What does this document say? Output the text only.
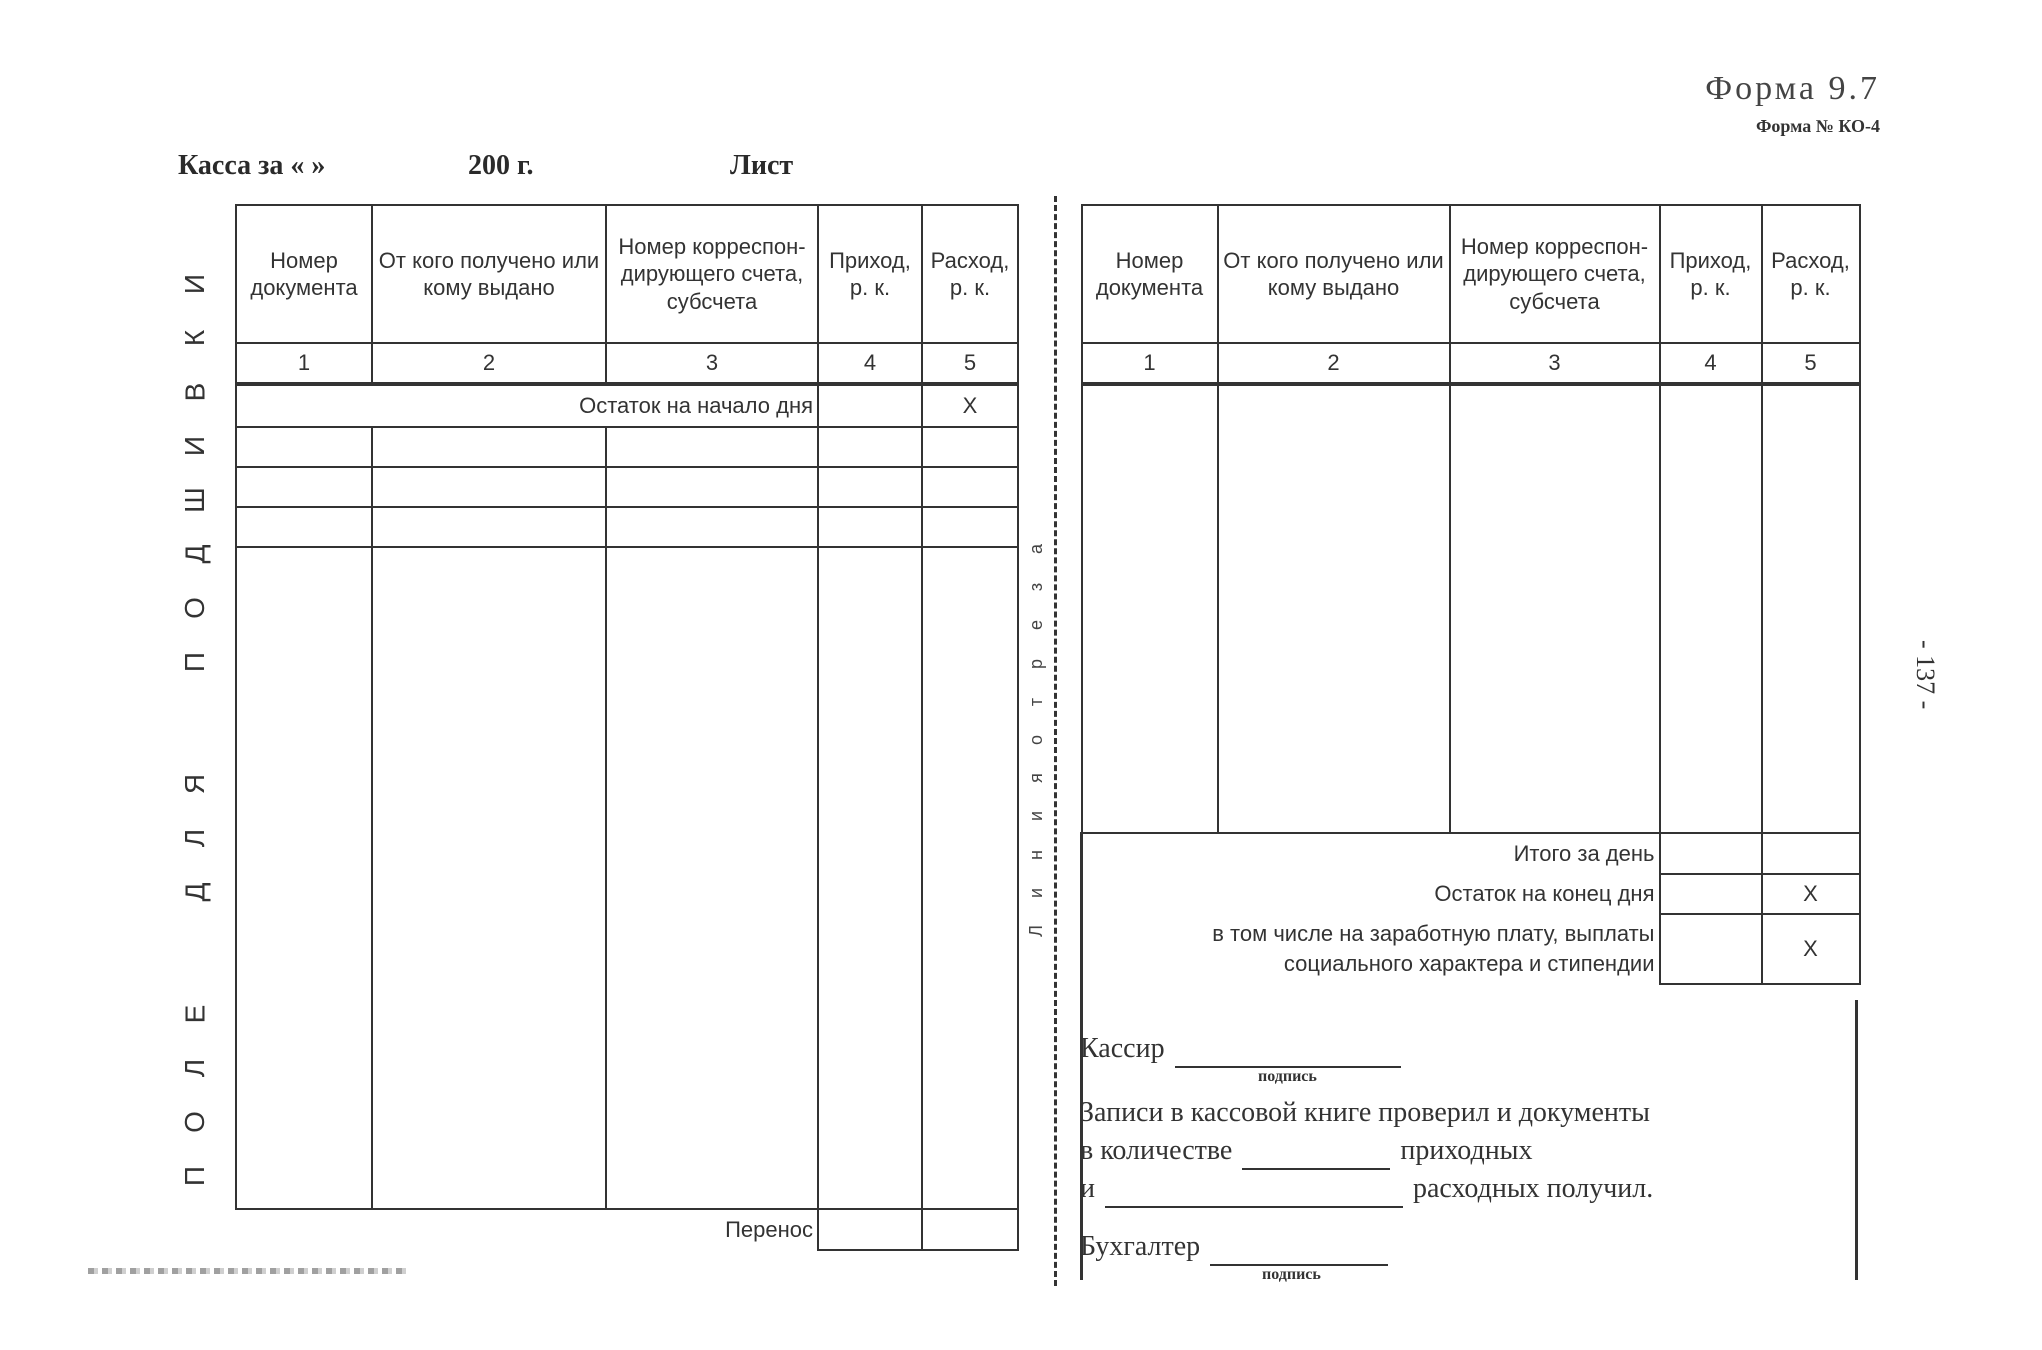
Форма 9.7
Форма № КО-4
Касса за « »	200 г.	Лист
П
О
Л
Е
Д
Л
Я
П
О
Д
Ш
И
В
К
И
Номер документа	От кого получено или кому выдано	Номер корреспон-дирующего счета, субсчета	Приход, р. к.	Расход, р. к.
1	2	3	4	5
Остаток на начало дня				X

Перенос				
Л
и
н
и
я
о
т
р
е
з
а
Номер документа	От кого получено или кому выдано	Номер корреспон-дирующего счета, субсчета	Приход, р. к.	Расход, р. к.
1	2	3	4	5

Итого за день				
Остаток на конец дня				X

в том числе на заработную плату, выплаты
социального характера и стипендии				X
Кассир
подпись
Записи в кассовой книге проверил и документы
в количестве	приходных
и	расходных получил.
Бухгалтер
подпись
- 137 -
